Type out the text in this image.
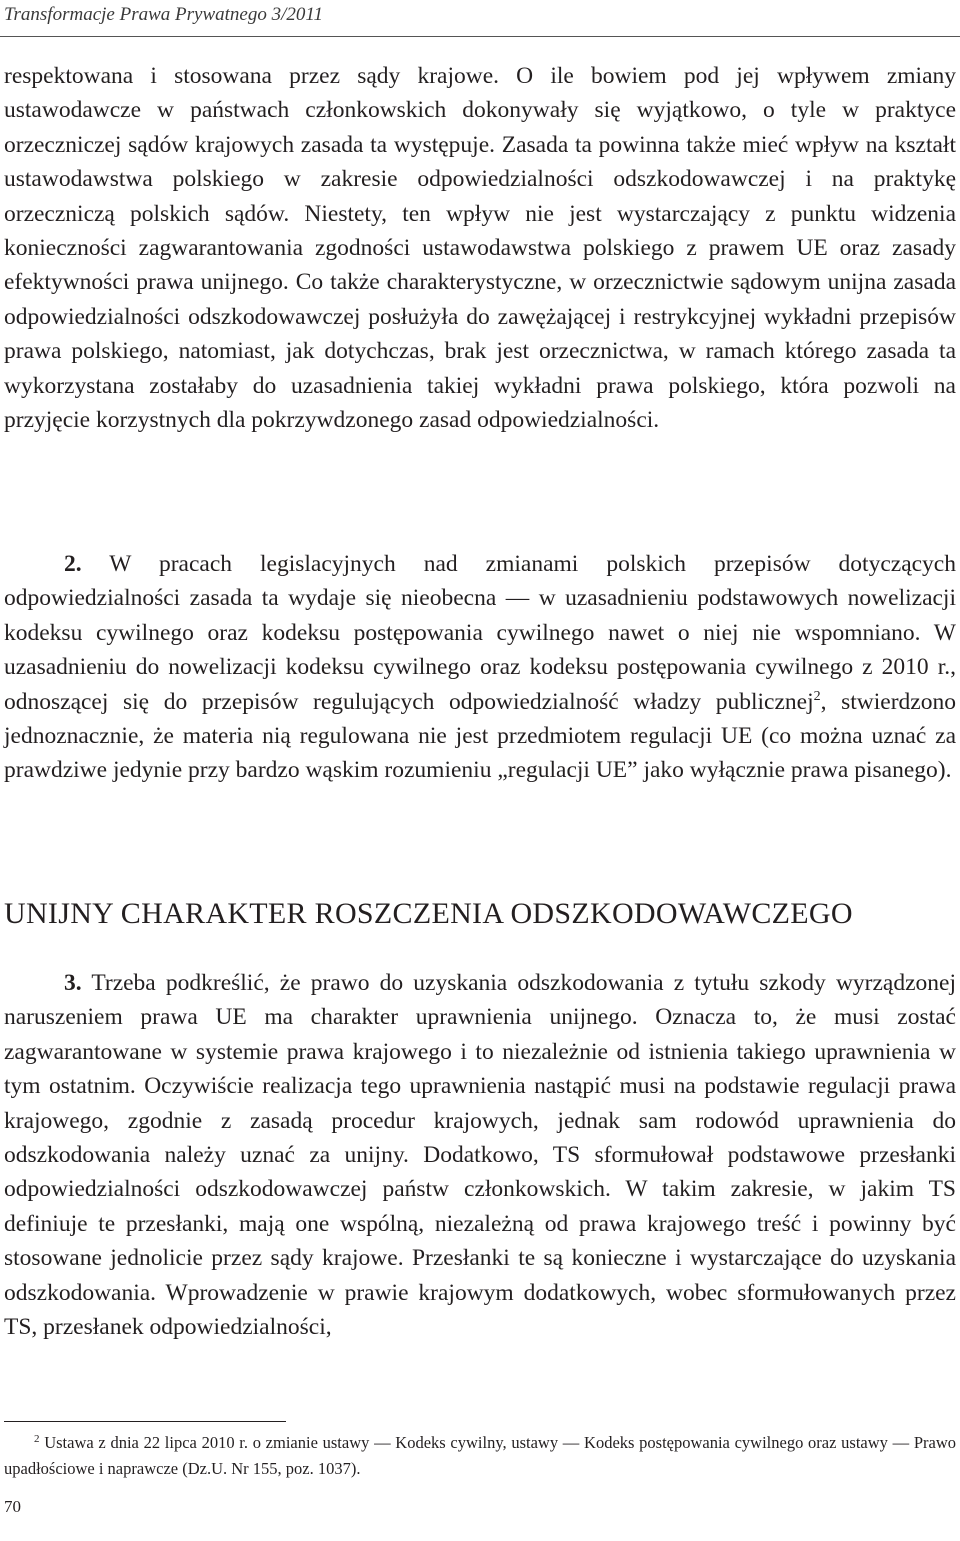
Transformacje Prawa Prywatnego 3/2011

respektowana i stosowana przez sądy krajowe. O ile bowiem pod jej wpływem zmiany ustawodawcze w państwach członkowskich dokonywały się wyjątkowo, o tyle w praktyce orzeczniczej sądów krajowych zasada ta występuje. Zasada ta powinna także mieć wpływ na kształt ustawodawstwa polskiego w zakresie odpowiedzialności odszkodowawczej i na praktykę orzeczniczą polskich sądów. Niestety, ten wpływ nie jest wystarczający z punktu widzenia konieczności zagwarantowania zgodności ustawodawstwa polskiego z prawem UE oraz zasady efektywności prawa unijnego. Co także charakterystyczne, w orzecznictwie sądowym unijna zasada odpowiedzialności odszkodowawczej posłużyła do zawężającej i restrykcyjnej wykładni przepisów prawa polskiego, natomiast, jak dotychczas, brak jest orzecznictwa, w ramach którego zasada ta wykorzystana zostałaby do uzasadnienia takiej wykładni prawa polskiego, która pozwoli na przyjęcie korzystnych dla pokrzywdzonego zasad odpowiedzialności.

2. W pracach legislacyjnych nad zmianami polskich przepisów dotyczących odpowiedzialności zasada ta wydaje się nieobecna — w uzasadnieniu podstawowych nowelizacji kodeksu cywilnego oraz kodeksu postępowania cywilnego nawet o niej nie wspomniano. W uzasadnieniu do nowelizacji kodeksu cywilnego oraz kodeksu postępowania cywilnego z 2010 r., odnoszącej się do przepisów regulujących odpowiedzialność władzy publicznej$^2$, stwierdzono jednoznacznie, że materia nią regulowana nie jest przedmiotem regulacji UE (co można uznać za prawdziwe jedynie przy bardzo wąskim rozumieniu „regulacji UE” jako wyłącznie prawa pisanego).

UNIJNY CHARAKTER ROSZCZENIA ODSZKODOWAWCZEGO

3. Trzeba podkreślić, że prawo do uzyskania odszkodowania z tytułu szkody wyrządzonej naruszeniem prawa UE ma charakter uprawnienia unijnego. Oznacza to, że musi zostać zagwarantowane w systemie prawa krajowego i to niezależnie od istnienia takiego uprawnienia w tym ostatnim. Oczywiście realizacja tego uprawnienia nastąpić musi na podstawie regulacji prawa krajowego, zgodnie z zasadą procedur krajowych, jednak sam rodowód uprawnienia do odszkodowania należy uznać za unijny. Dodatkowo, TS sformułował podstawowe przesłanki odpowiedzialności odszkodowawczej państw członkowskich. W takim zakresie, w jakim TS definiuje te przesłanki, mają one wspólną, niezależną od prawa krajowego treść i powinny być stosowane jednolicie przez sądy krajowe. Przesłanki te są konieczne i wystarczające do uzyskania odszkodowania. Wprowadzenie w prawie krajowym dodatkowych, wobec sformułowanych przez TS, przesłanek odpowiedzialności,

2 Ustawa z dnia 22 lipca 2010 r. o zmianie ustawy — Kodeks cywilny, ustawy — Kodeks postępowania cywilnego oraz ustawy — Prawo upadłościowe i naprawcze (Dz.U. Nr 155, poz. 1037).

70
